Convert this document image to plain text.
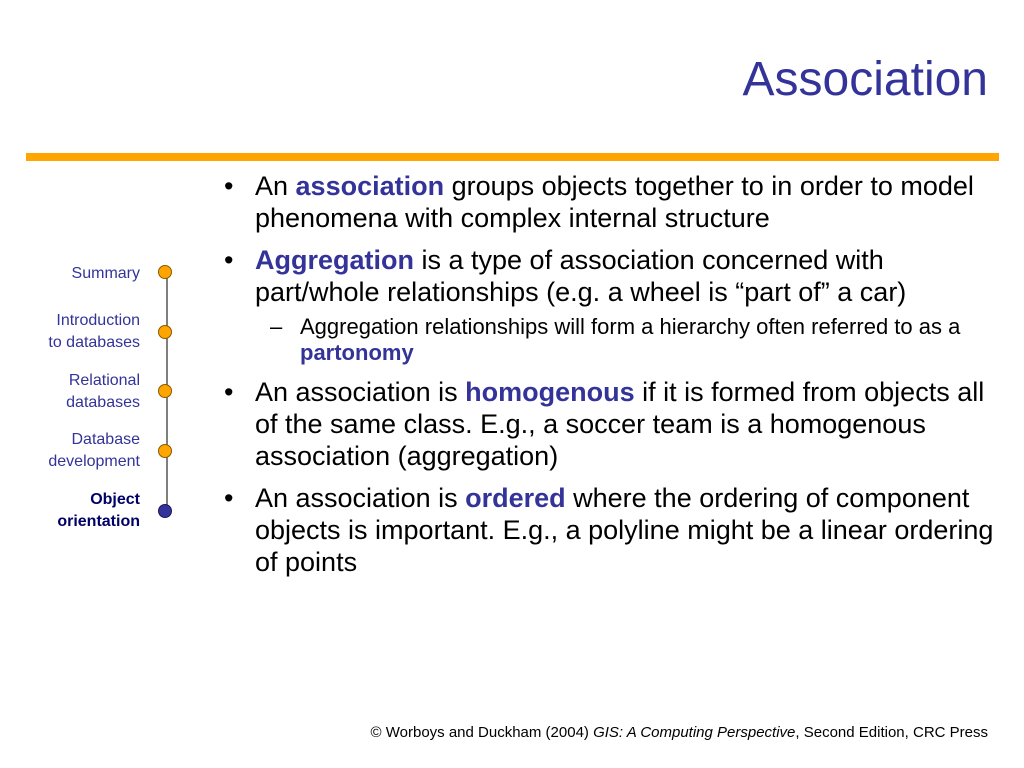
Association
Summary
Introduction
to databases
Relational
databases
Database
development
Object
orientation
• An association groups objects together to in order to model phenomena with complex internal structure
• Aggregation is a type of association concerned with part/whole relationships (e.g. a wheel is “part of” a car)
– Aggregation relationships will form a hierarchy often referred to as a partonomy
• An association is homogenous if it is formed from objects all of the same class. E.g., a soccer team is a homogenous association (aggregation)
• An association is ordered where the ordering of component objects is important. E.g., a polyline might be a linear ordering of points
© Worboys and Duckham (2004) GIS: A Computing Perspective, Second Edition, CRC Press
